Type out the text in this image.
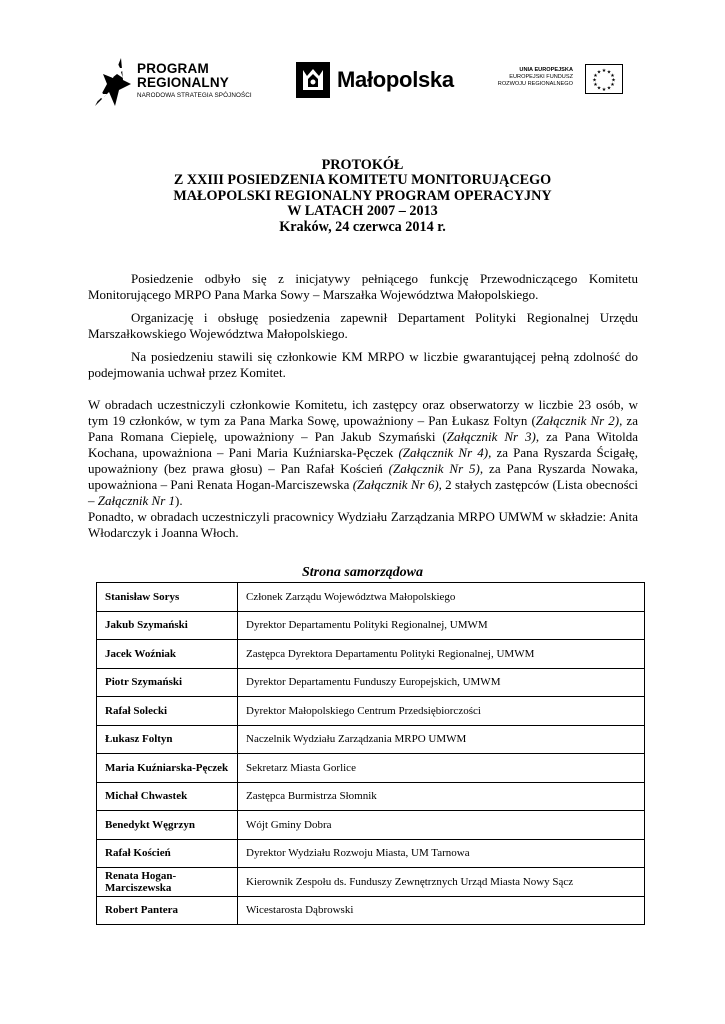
PROGRAM
REGIONALNY
NARODOWA STRATEGIA SPÓJNOŚCI
Małopolska	UNIA EUROPEJSKA
EUROPEJSKI FUNDUSZ
ROZWOJU REGIONALNEGO
★ ★
★
★
★
★
★
★
★
★
★
★
PROTOKÓŁ
Z XXIII POSIEDZENIA KOMITETU MONITORUJĄCEGO
MAŁOPOLSKI REGIONALNY PROGRAM OPERACYJNY
W LATACH 2007 – 2013
Kraków, 24 czerwca 2014 r.

Posiedzenie odbyło się z inicjatywy pełniącego funkcję Przewodniczącego Komitetu Monitorującego MRPO Pana Marka Sowy – Marszałka Województwa Małopolskiego.

Organizację i obsługę posiedzenia zapewnił Departament Polityki Regionalnej Urzędu Marszałkowskiego Województwa Małopolskiego.

Na posiedzeniu stawili się członkowie KM MRPO w liczbie gwarantującej pełną zdolność do podejmowania uchwał przez Komitet.

W obradach uczestniczyli członkowie Komitetu, ich zastępcy oraz obserwatorzy w liczbie 23 osób, w tym 19 członków, w tym za Pana Marka Sowę, upoważniony – Pan Łukasz Foltyn (Załącznik Nr 2), za Pana Romana Ciepielę, upoważniony – Pan Jakub Szymański (Załącznik Nr 3), za Pana Witolda Kochana, upoważniona – Pani Maria Kuźniarska-Pęczek (Załącznik Nr 4), za Pana Ryszarda Ścigałę, upoważniony (bez prawa głosu) – Pan Rafał Koścień (Załącznik Nr 5), za Pana Ryszarda Nowaka, upoważniona – Pani Renata Hogan-Marciszewska (Załącznik Nr 6), 2 stałych zastępców (Lista obecności – Załącznik Nr 1).

Ponadto, w obradach uczestniczyli pracownicy Wydziału Zarządzania MRPO UMWM w składzie: Anita Włodarczyk i Joanna Włoch.

Strona samorządowa
Stanisław Sorys	Członek Zarządu Województwa Małopolskiego
Jakub Szymański	Dyrektor Departamentu Polityki Regionalnej, UMWM
Jacek Woźniak	Zastępca Dyrektora Departamentu Polityki Regionalnej, UMWM
Piotr Szymański	Dyrektor Departamentu Funduszy Europejskich, UMWM
Rafał Solecki	Dyrektor Małopolskiego Centrum Przedsiębiorczości
Łukasz Foltyn	Naczelnik Wydziału Zarządzania MRPO UMWM
Maria Kuźniarska-Pęczek	Sekretarz Miasta Gorlice
Michał Chwastek	Zastępca Burmistrza Słomnik
Benedykt Węgrzyn	Wójt Gminy Dobra
Rafał Koścień	Dyrektor Wydziału Rozwoju Miasta, UM Tarnowa
Renata Hogan-Marciszewska	Kierownik Zespołu ds. Funduszy Zewnętrznych Urząd Miasta Nowy Sącz
Robert Pantera	Wicestarosta Dąbrowski
